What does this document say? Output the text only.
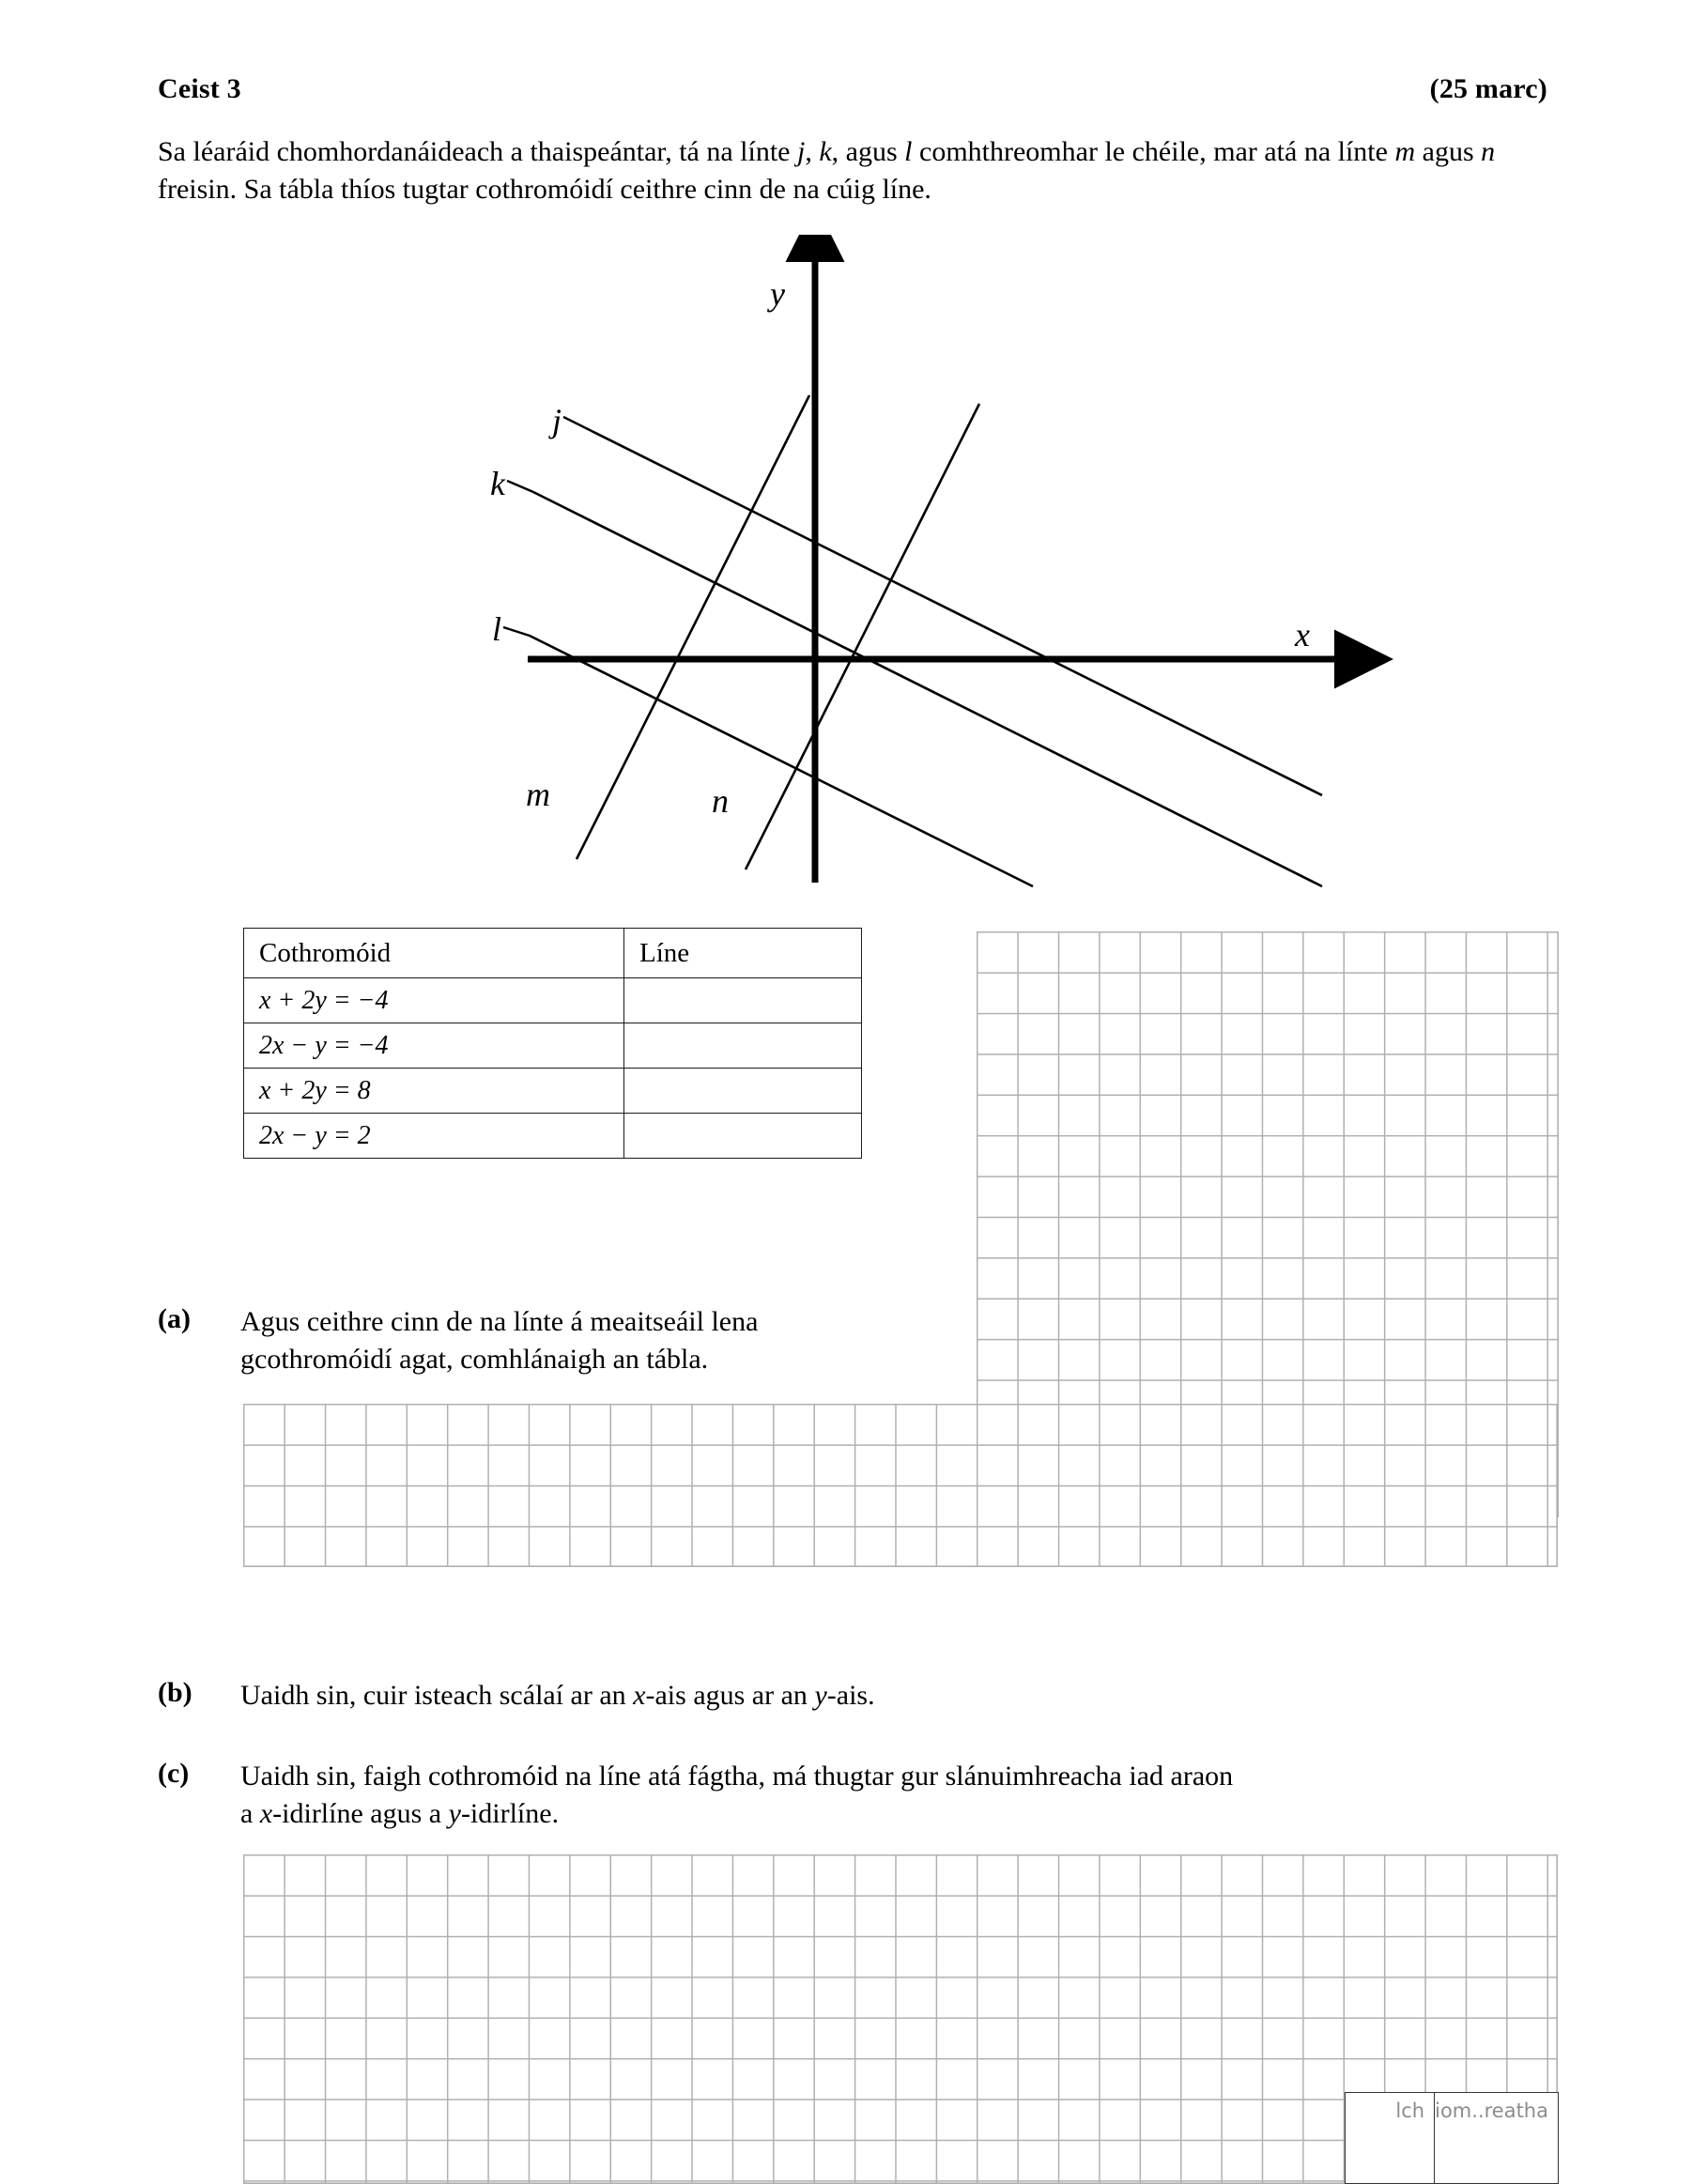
Ceist 3	(25 marc)
Sa léaráid chomhordanáideach a thaispeántar, tá na línte j, k, agus l comhthreomhar le chéile, mar atá na línte m agus n freisin. Sa tábla thíos tugtar cothromóidí ceithre cinn de na cúig líne.
y
x
j
k
l
m	n
Cothromóid	Líne
x + 2y = −4	
2x − y = −4	
x + 2y = 8	
2x − y = 2	
(a)	Agus ceithre cinn de na línte á meaitseáil lena gcothromóidí agat, comhlánaigh an tábla.
(b)	Uaidh sin, cuir isteach scálaí ar an x-ais agus ar an y-ais.
(c)	Uaidh sin, faigh cothromóid na líne atá fágtha, má thugtar gur slánuimhreacha iad araon
a x-idirlíne agus a y-idirlíne.
lch iom..reatha
